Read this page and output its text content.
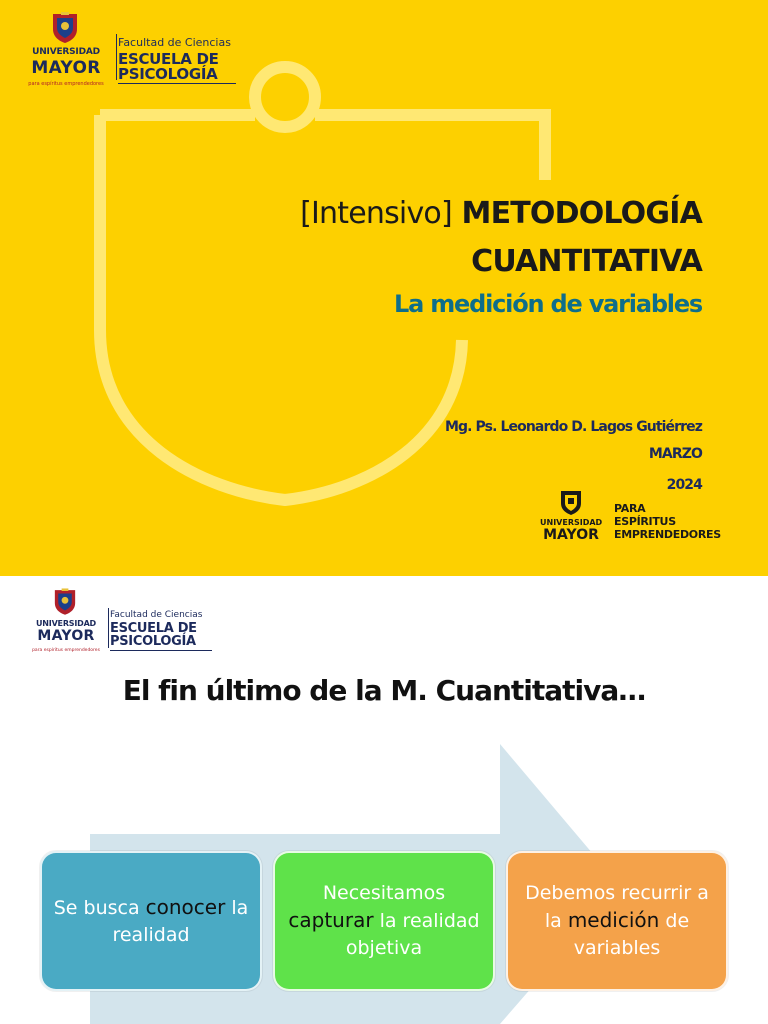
UNIVERSIDAD
MAYOR
para espíritus emprendedores
Facultad de Ciencias
ESCUELA DE
PSICOLOGÍA
[Intensivo] METODOLOGÍA
CUANTITATIVA
La medición de variables
Mg. Ps. Leonardo D. Lagos Gutiérrez
MARZO
2024
UNIVERSIDAD
MAYOR
PARA
ESPÍRITUS
EMPRENDEDORES
UNIVERSIDAD
MAYOR
para espíritus emprendedores
Facultad de Ciencias
ESCUELA DE
PSICOLOGÍA
El fin último de la M. Cuantitativa…
Se busca conocer la realidad
Necesitamos capturar la realidad objetiva
Debemos recurrir a la medición de variables
